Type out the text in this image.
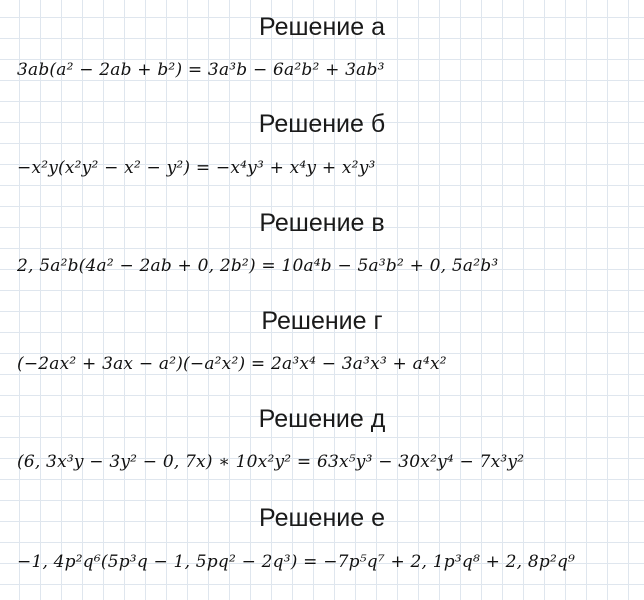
Решение а
3ab(a² − 2ab + b²) = 3a³b − 6a²b² + 3ab³
Решение б
−x²y(x²y² − x² − y²) = −x⁴y³ + x⁴y + x²y³
Решение в
2, 5a²b(4a² − 2ab + 0, 2b²) = 10a⁴b − 5a³b² + 0, 5a²b³
Решение г
(−2ax² + 3ax − a²)(−a²x²) = 2a³x⁴ − 3a³x³ + a⁴x²
Решение д
(6, 3x³y − 3y² − 0, 7x) ∗ 10x²y² = 63x⁵y³ − 30x²y⁴ − 7x³y²
Решение е
−1, 4p²q⁶(5p³q − 1, 5pq² − 2q³) = −7p⁵q⁷ + 2, 1p³q⁸ + 2, 8p²q⁹
